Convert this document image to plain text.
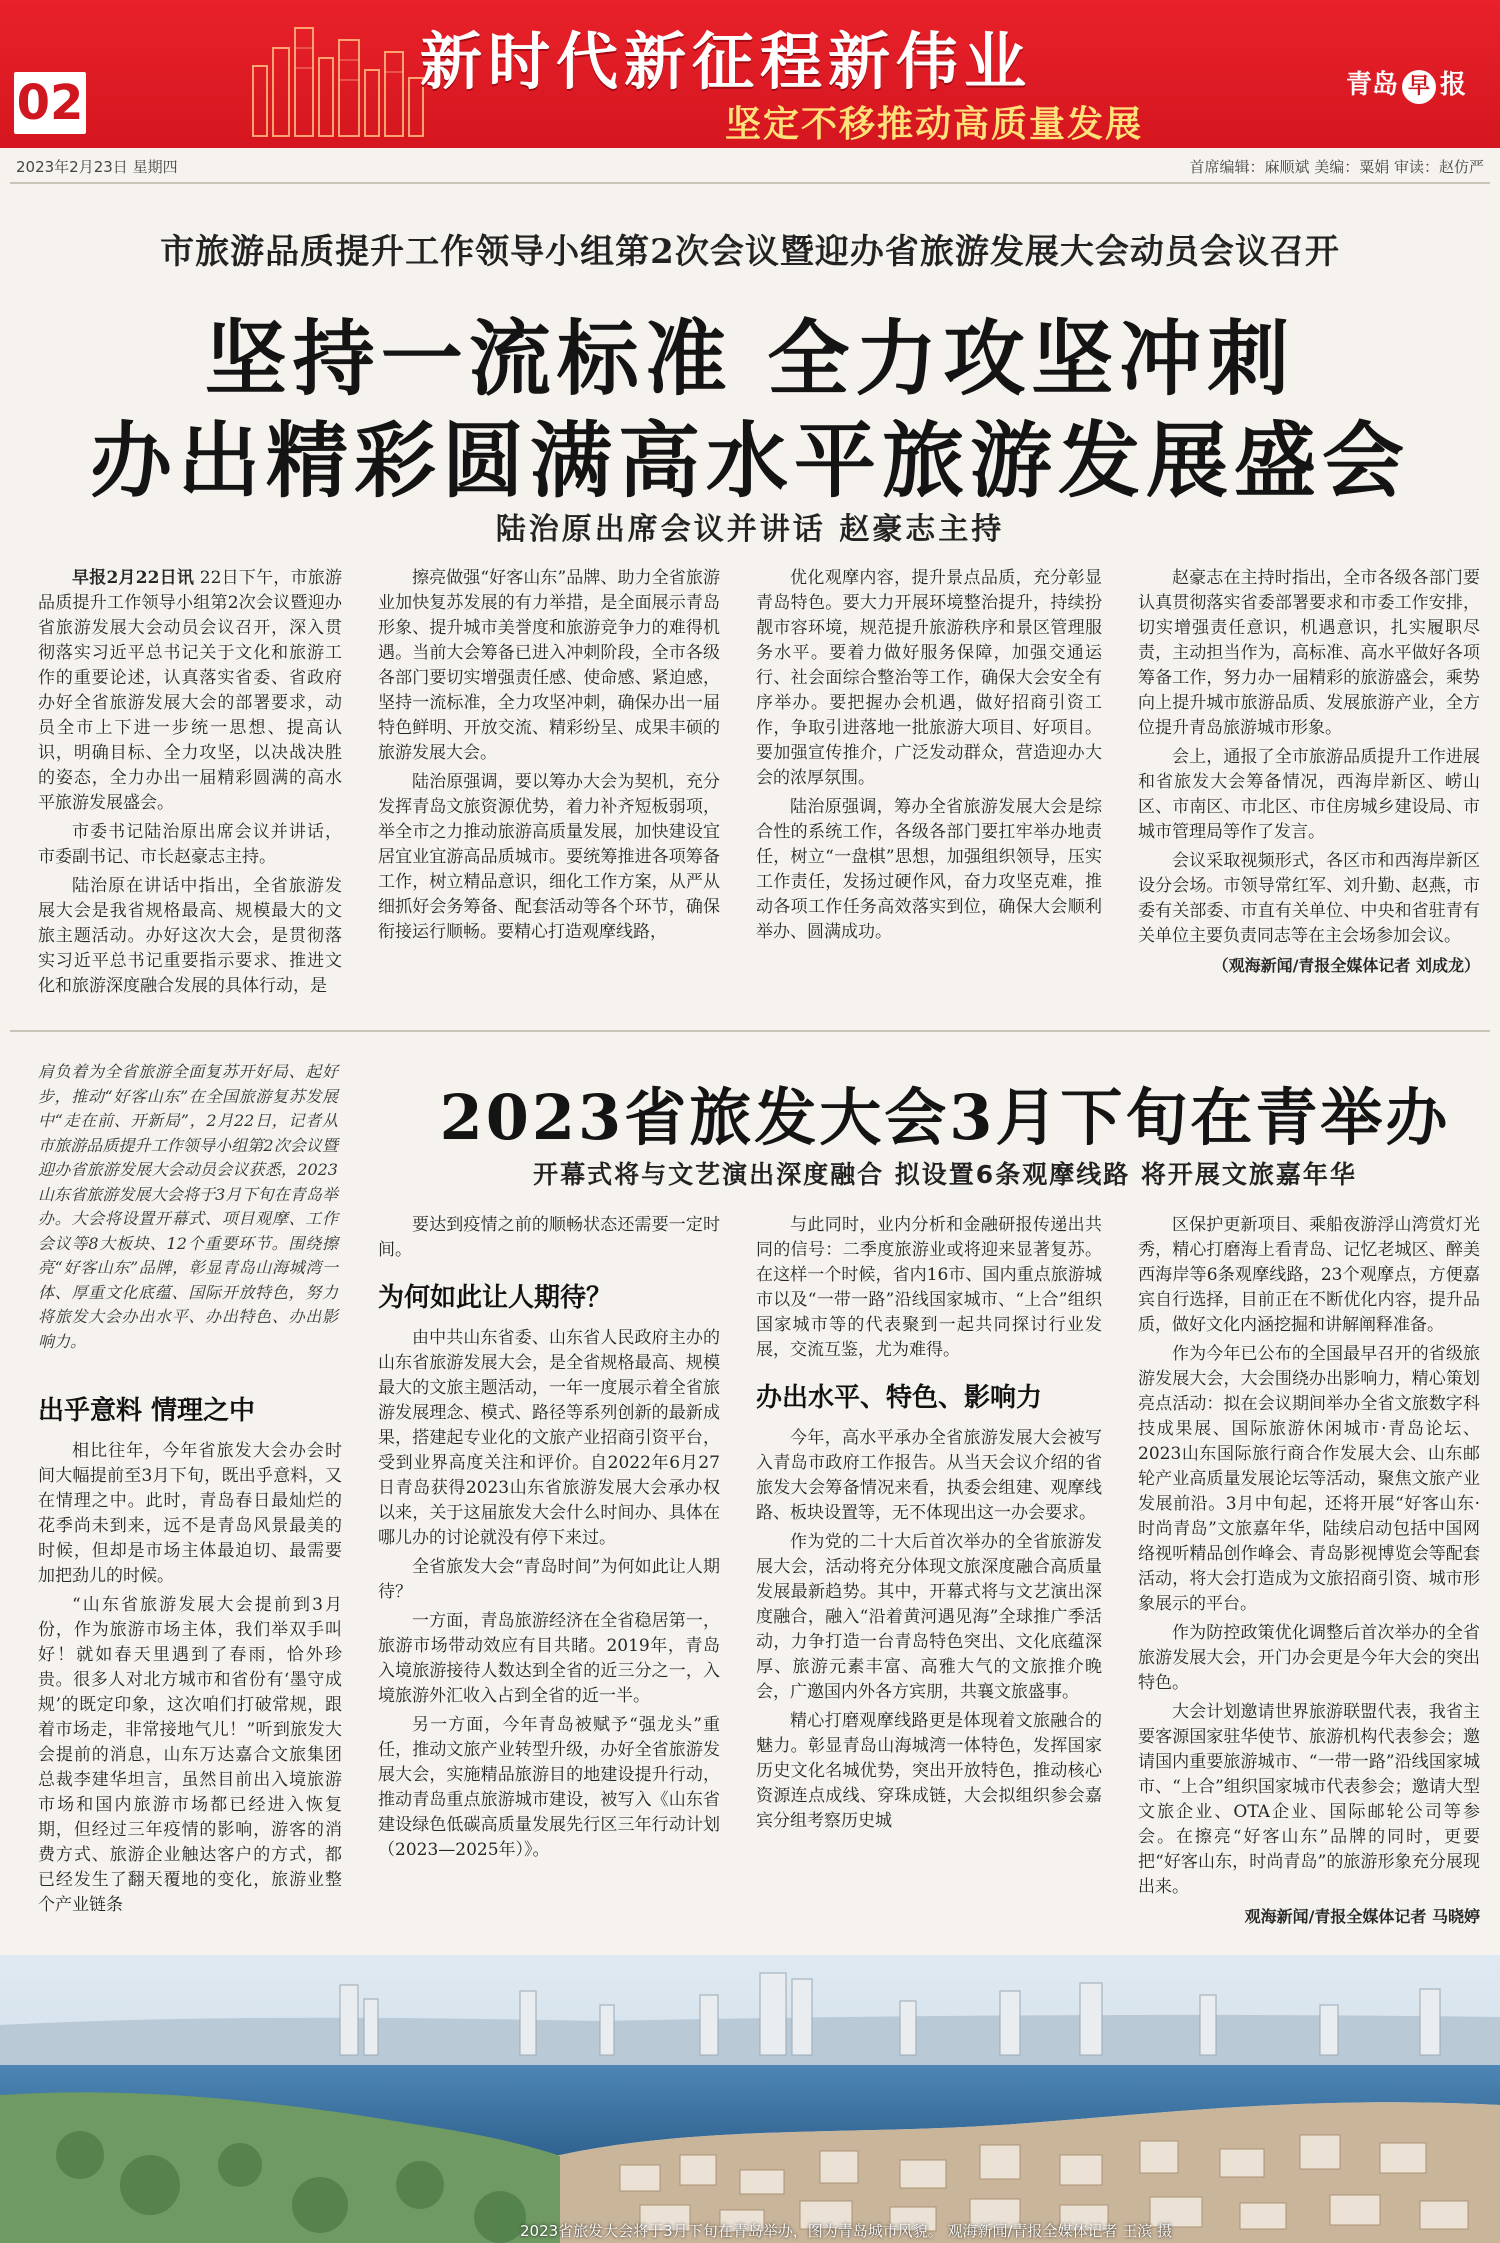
02
新时代新征程新伟业
坚定不移推动高质量发展
青岛 早 报
2023年2月23日 星期四	首席编辑：麻顺斌 美编：粟娟 审读：赵仿严
市旅游品质提升工作领导小组第2次会议暨迎办省旅游发展大会动员会议召开
坚持一流标准 全力攻坚冲刺
办出精彩圆满高水平旅游发展盛会
陆治原出席会议并讲话 赵豪志主持

早报2月22日讯 22日下午，市旅游品质提升工作领导小组第2次会议暨迎办省旅游发展大会动员会议召开，深入贯彻落实习近平总书记关于文化和旅游工作的重要论述，认真落实省委、省政府办好全省旅游发展大会的部署要求，动员全市上下进一步统一思想、提高认识，明确目标、全力攻坚，以决战决胜的姿态，全力办出一届精彩圆满的高水平旅游发展盛会。

市委书记陆治原出席会议并讲话，市委副书记、市长赵豪志主持。

陆治原在讲话中指出，全省旅游发展大会是我省规格最高、规模最大的文旅主题活动。办好这次大会，是贯彻落实习近平总书记重要指示要求、推进文化和旅游深度融合发展的具体行动，是

擦亮做强“好客山东”品牌、助力全省旅游业加快复苏发展的有力举措，是全面展示青岛形象、提升城市美誉度和旅游竞争力的难得机遇。当前大会筹备已进入冲刺阶段，全市各级各部门要切实增强责任感、使命感、紧迫感，坚持一流标准，全力攻坚冲刺，确保办出一届特色鲜明、开放交流、精彩纷呈、成果丰硕的旅游发展大会。

陆治原强调，要以筹办大会为契机，充分发挥青岛文旅资源优势，着力补齐短板弱项，举全市之力推动旅游高质量发展，加快建设宜居宜业宜游高品质城市。要统筹推进各项筹备工作，树立精品意识，细化工作方案，从严从细抓好会务筹备、配套活动等各个环节，确保衔接运行顺畅。要精心打造观摩线路，

优化观摩内容，提升景点品质，充分彰显青岛特色。要大力开展环境整治提升，持续扮靓市容环境，规范提升旅游秩序和景区管理服务水平。要着力做好服务保障，加强交通运行、社会面综合整治等工作，确保大会安全有序举办。要把握办会机遇，做好招商引资工作，争取引进落地一批旅游大项目、好项目。要加强宣传推介，广泛发动群众，营造迎办大会的浓厚氛围。

陆治原强调，筹办全省旅游发展大会是综合性的系统工作，各级各部门要扛牢举办地责任，树立“一盘棋”思想，加强组织领导，压实工作责任，发扬过硬作风，奋力攻坚克难，推动各项工作任务高效落实到位，确保大会顺利举办、圆满成功。

赵豪志在主持时指出，全市各级各部门要认真贯彻落实省委部署要求和市委工作安排，切实增强责任意识，机遇意识，扎实履职尽责，主动担当作为，高标准、高水平做好各项筹备工作，努力办一届精彩的旅游盛会，乘势向上提升城市旅游品质、发展旅游产业，全方位提升青岛旅游城市形象。

会上，通报了全市旅游品质提升工作进展和省旅发大会筹备情况，西海岸新区、崂山区、市南区、市北区、市住房城乡建设局、市城市管理局等作了发言。

会议采取视频形式，各区市和西海岸新区设分会场。市领导常红军、刘升勤、赵燕，市委有关部委、市直有关单位、中央和省驻青有关单位主要负责同志等在主会场参加会议。

（观海新闻/青报全媒体记者 刘成龙）

肩负着为全省旅游全面复苏开好局、起好步，推动“好客山东”在全国旅游复苏发展中“走在前、开新局”，2月22日，记者从市旅游品质提升工作领导小组第2次会议暨迎办省旅游发展大会动员会议获悉，2023山东省旅游发展大会将于3月下旬在青岛举办。大会将设置开幕式、项目观摩、工作会议等8大板块、12个重要环节。围绕擦亮“好客山东”品牌，彰显青岛山海城湾一体、厚重文化底蕴、国际开放特色，努力将旅发大会办出水平、办出特色、办出影响力。
2023省旅发大会3月下旬在青举办
开幕式将与文艺演出深度融合 拟设置6条观摩线路 将开展文旅嘉年华
出乎意料 情理之中

相比往年，今年省旅发大会办会时间大幅提前至3月下旬，既出乎意料，又在情理之中。此时，青岛春日最灿烂的花季尚未到来，远不是青岛风景最美的时候，但却是市场主体最迫切、最需要加把劲儿的时候。

“山东省旅游发展大会提前到3月份，作为旅游市场主体，我们举双手叫好！就如春天里遇到了春雨，恰外珍贵。很多人对北方城市和省份有‘墨守成规’的既定印象，这次咱们打破常规，跟着市场走，非常接地气儿！”听到旅发大会提前的消息，山东万达嘉合文旅集团总裁李建华坦言，虽然目前出入境旅游市场和国内旅游市场都已经进入恢复期，但经过三年疫情的影响，游客的消费方式、旅游企业触达客户的方式，都已经发生了翻天覆地的变化，旅游业整个产业链条

要达到疫情之前的顺畅状态还需要一定时间。

为何如此让人期待？

由中共山东省委、山东省人民政府主办的山东省旅游发展大会，是全省规格最高、规模最大的文旅主题活动，一年一度展示着全省旅游发展理念、模式、路径等系列创新的最新成果，搭建起专业化的文旅产业招商引资平台，受到业界高度关注和评价。自2022年6月27日青岛获得2023山东省旅游发展大会承办权以来，关于这届旅发大会什么时间办、具体在哪儿办的讨论就没有停下来过。

全省旅发大会“青岛时间”为何如此让人期待？

一方面，青岛旅游经济在全省稳居第一，旅游市场带动效应有目共睹。2019年，青岛入境旅游接待人数达到全省的近三分之一，入境旅游外汇收入占到全省的近一半。

另一方面，今年青岛被赋予“强龙头”重任，推动文旅产业转型升级，办好全省旅游发展大会，实施精品旅游目的地建设提升行动，推动青岛重点旅游城市建设，被写入《山东省建设绿色低碳高质量发展先行区三年行动计划（2023—2025年）》。

与此同时，业内分析和金融研报传递出共同的信号：二季度旅游业或将迎来显著复苏。在这样一个时候，省内16市、国内重点旅游城市以及“一带一路”沿线国家城市、“上合”组织国家城市等的代表聚到一起共同探讨行业发展，交流互鉴，尤为难得。

办出水平、特色、影响力

今年，高水平承办全省旅游发展大会被写入青岛市政府工作报告。从当天会议介绍的省旅发大会筹备情况来看，执委会组建、观摩线路、板块设置等，无不体现出这一办会要求。

作为党的二十大后首次举办的全省旅游发展大会，活动将充分体现文旅深度融合高质量发展最新趋势。其中，开幕式将与文艺演出深度融合，融入“沿着黄河遇见海”全球推广季活动，力争打造一台青岛特色突出、文化底蕴深厚、旅游元素丰富、高雅大气的文旅推介晚会，广邀国内外各方宾朋，共襄文旅盛事。

精心打磨观摩线路更是体现着文旅融合的魅力。彰显青岛山海城湾一体特色，发挥国家历史文化名城优势，突出开放特色，推动核心资源连点成线、穿珠成链，大会拟组织参会嘉宾分组考察历史城

区保护更新项目、乘船夜游浮山湾赏灯光秀，精心打磨海上看青岛、记忆老城区、醉美西海岸等6条观摩线路，23个观摩点，方便嘉宾自行选择，目前正在不断优化内容，提升品质，做好文化内涵挖掘和讲解阐释准备。

作为今年已公布的全国最早召开的省级旅游发展大会，大会围绕办出影响力，精心策划亮点活动：拟在会议期间举办全省文旅数字科技成果展、国际旅游休闲城市·青岛论坛、2023山东国际旅行商合作发展大会、山东邮轮产业高质量发展论坛等活动，聚焦文旅产业发展前沿。3月中旬起，还将开展“好客山东·时尚青岛”文旅嘉年华，陆续启动包括中国网络视听精品创作峰会、青岛影视博览会等配套活动，将大会打造成为文旅招商引资、城市形象展示的平台。

作为防控政策优化调整后首次举办的全省旅游发展大会，开门办会更是今年大会的突出特色。

大会计划邀请世界旅游联盟代表，我省主要客源国家驻华使节、旅游机构代表参会；邀请国内重要旅游城市、“一带一路”沿线国家城市、“上合”组织国家城市代表参会；邀请大型文旅企业、OTA企业、国际邮轮公司等参会。在擦亮“好客山东”品牌的同时，更要把“好客山东，时尚青岛”的旅游形象充分展现出来。

观海新闻/青报全媒体记者 马晓婷

2023省旅发大会将于3月下旬在青岛举办，图为青岛城市风貌。 观海新闻/青报全媒体记者 王滨 摄
